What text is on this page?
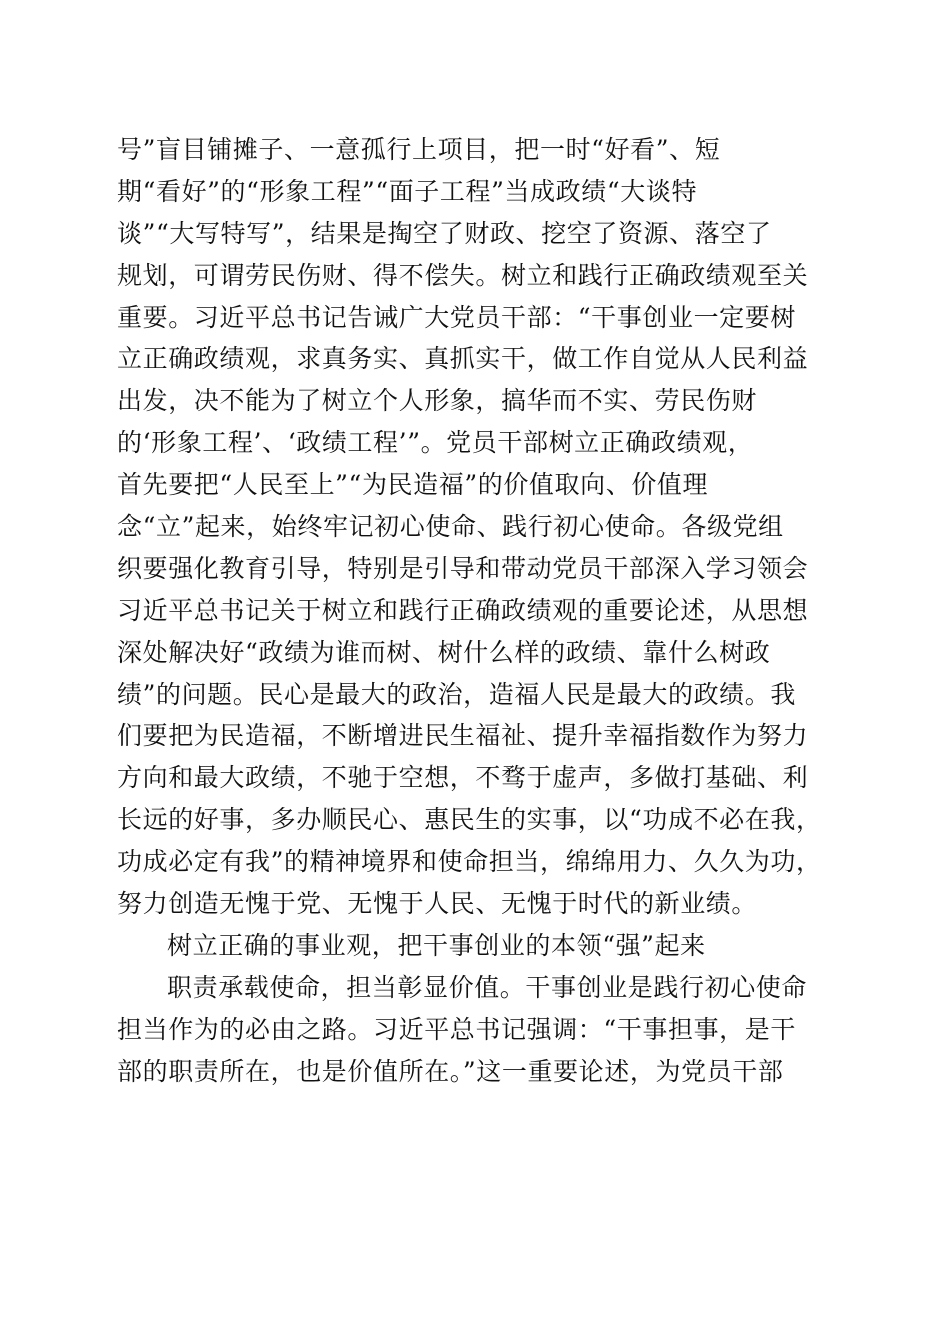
号”盲目铺摊子、一意孤行上项目，把一时“好看”、短
期“看好”的“形象工程”“面子工程”当成政绩“大谈特
谈”“大写特写”，结果是掏空了财政、挖空了资源、落空了
规划，可谓劳民伤财、得不偿失。树立和践行正确政绩观至关
重要。习近平总书记告诫广大党员干部：“干事创业一定要树
立正确政绩观，求真务实、真抓实干，做工作自觉从人民利益
出发，决不能为了树立个人形象，搞华而不实、劳民伤财
的‘形象工程’、‘政绩工程’”。党员干部树立正确政绩观，
首先要把“人民至上”“为民造福”的价值取向、价值理
念“立”起来，始终牢记初心使命、践行初心使命。各级党组
织要强化教育引导，特别是引导和带动党员干部深入学习领会
习近平总书记关于树立和践行正确政绩观的重要论述，从思想
深处解决好“政绩为谁而树、树什么样的政绩、靠什么树政
绩”的问题。民心是最大的政治，造福人民是最大的政绩。我
们要把为民造福，不断增进民生福祉、提升幸福指数作为努力
方向和最大政绩，不驰于空想，不骛于虚声，多做打基础、利
长远的好事，多办顺民心、惠民生的实事，以“功成不必在我，
功成必定有我”的精神境界和使命担当，绵绵用力、久久为功，
努力创造无愧于党、无愧于人民、无愧于时代的新业绩。
树立正确的事业观，把干事创业的本领“强”起来
职责承载使命，担当彰显价值。干事创业是践行初心使命
担当作为的必由之路。习近平总书记强调：“干事担事，是干
部的职责所在，也是价值所在。”这一重要论述，为党员干部
